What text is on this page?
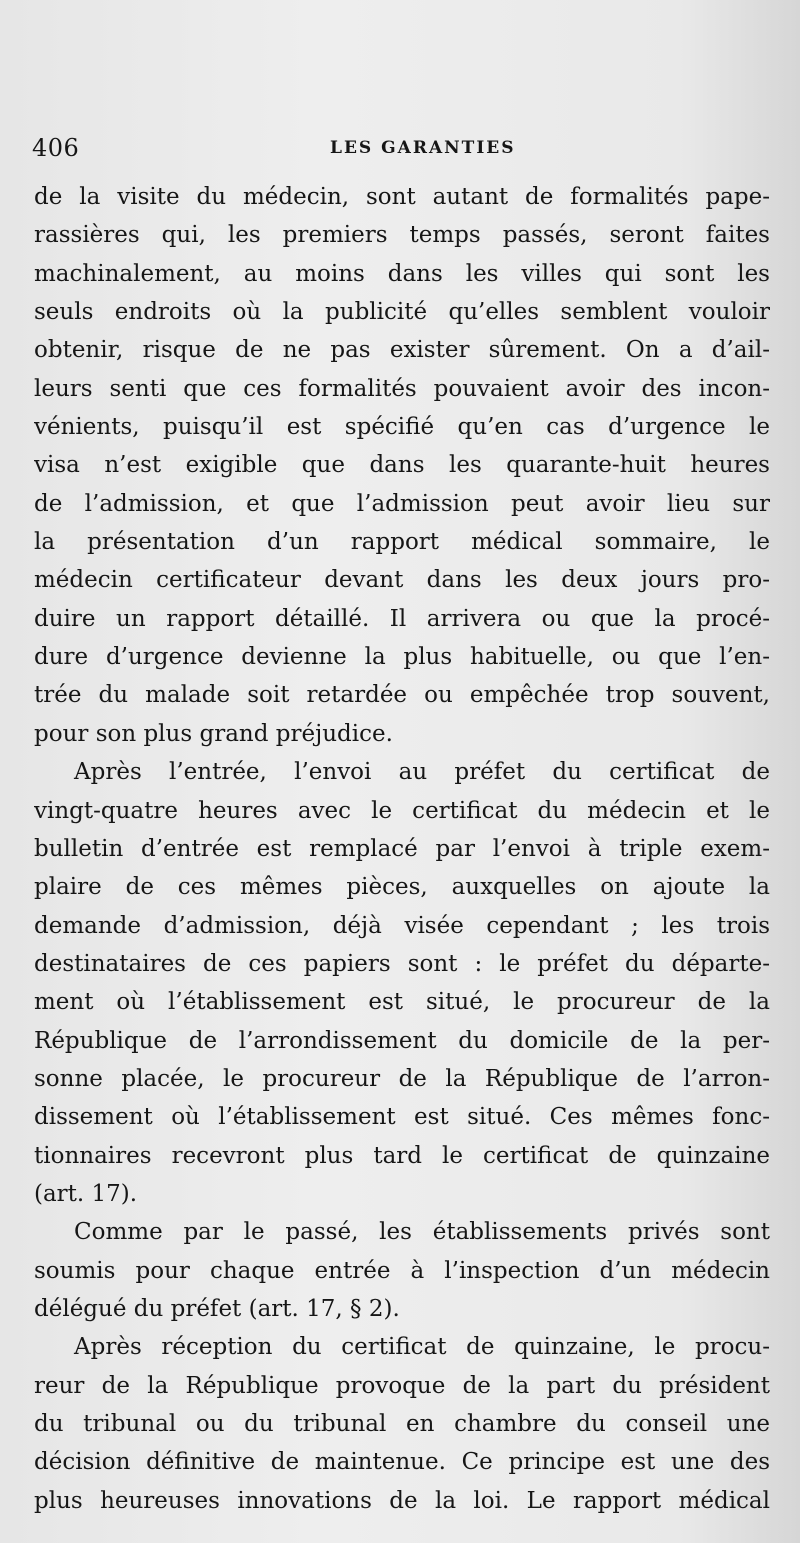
406	LES GARANTIES
de la visite du médecin, sont autant de formalités pape-
rassières qui, les premiers temps passés, seront faites
machinalement, au moins dans les villes qui sont les
seuls endroits où la publicité qu’elles semblent vouloir
obtenir, risque de ne pas exister sûrement. On a d’ail-
leurs senti que ces formalités pouvaient avoir des incon-
vénients, puisqu’il est spécifié qu’en cas d’urgence le
visa n’est exigible que dans les quarante-huit heures
de l’admission, et que l’admission peut avoir lieu sur
la présentation d’un rapport médical sommaire, le
médecin certificateur devant dans les deux jours pro-
duire un rapport détaillé. Il arrivera ou que la procé-
dure d’urgence devienne la plus habituelle, ou que l’en-
trée du malade soit retardée ou empêchée trop souvent,
pour son plus grand préjudice.
Après l’entrée, l’envoi au préfet du certificat de
vingt-quatre heures avec le certificat du médecin et le
bulletin d’entrée est remplacé par l’envoi à triple exem-
plaire de ces mêmes pièces, auxquelles on ajoute la
demande d’admission, déjà visée cependant ; les trois
destinataires de ces papiers sont : le préfet du départe-
ment où l’établissement est situé, le procureur de la
République de l’arrondissement du domicile de la per-
sonne placée, le procureur de la République de l’arron-
dissement où l’établissement est situé. Ces mêmes fonc-
tionnaires recevront plus tard le certificat de quinzaine
(art. 17).
Comme par le passé, les établissements privés sont
soumis pour chaque entrée à l’inspection d’un médecin
délégué du préfet (art. 17, § 2).
Après réception du certificat de quinzaine, le procu-
reur de la République provoque de la part du président
du tribunal ou du tribunal en chambre du conseil une
décision définitive de maintenue. Ce principe est une des
plus heureuses innovations de la loi. Le rapport médical
